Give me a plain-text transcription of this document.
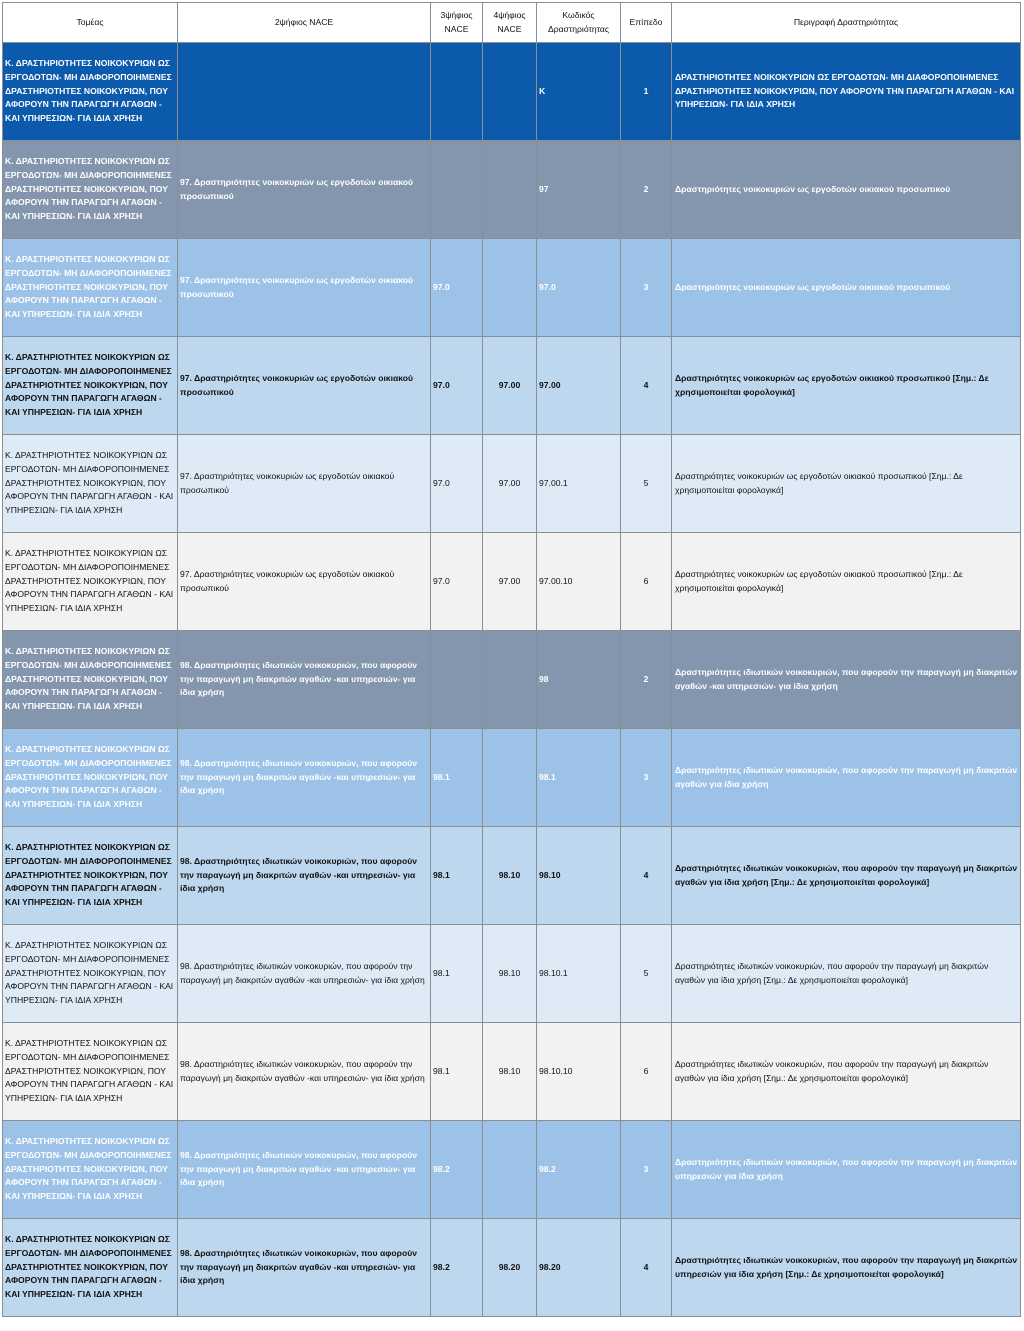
Τομέας	2ψήφιος NACE	3ψήφιος NACE	4ψήφιος NACE	Κωδικός Δραστηριότητας	Επίπεδο	Περιγραφή Δραστηριότητας
Κ. ΔΡΑΣΤΗΡΙΟΤΗΤΕΣ ΝΟΙΚΟΚΥΡΙΩΝ ΩΣ ΕΡΓΟΔΟΤΩΝ- ΜΗ ΔΙΑΦΟΡΟΠΟΙΗΜΕΝΕΣ ΔΡΑΣΤΗΡΙΟΤΗΤΕΣ ΝΟΙΚΟΚΥΡΙΩΝ, ΠΟΥ ΑΦΟΡΟΥΝ ΤΗΝ ΠΑΡΑΓΩΓΗ ΑΓΑΘΩΝ - ΚΑΙ ΥΠΗΡΕΣΙΩΝ- ΓΙΑ ΙΔΙΑ ΧΡΗΣΗ				Κ	1	ΔΡΑΣΤΗΡΙΟΤΗΤΕΣ ΝΟΙΚΟΚΥΡΙΩΝ ΩΣ ΕΡΓΟΔΟΤΩΝ- ΜΗ ΔΙΑΦΟΡΟΠΟΙΗΜΕΝΕΣ ΔΡΑΣΤΗΡΙΟΤΗΤΕΣ ΝΟΙΚΟΚΥΡΙΩΝ, ΠΟΥ ΑΦΟΡΟΥΝ ΤΗΝ ΠΑΡΑΓΩΓΗ ΑΓΑΘΩΝ - ΚΑΙ ΥΠΗΡΕΣΙΩΝ- ΓΙΑ ΙΔΙΑ ΧΡΗΣΗ
Κ. ΔΡΑΣΤΗΡΙΟΤΗΤΕΣ ΝΟΙΚΟΚΥΡΙΩΝ ΩΣ ΕΡΓΟΔΟΤΩΝ- ΜΗ ΔΙΑΦΟΡΟΠΟΙΗΜΕΝΕΣ ΔΡΑΣΤΗΡΙΟΤΗΤΕΣ ΝΟΙΚΟΚΥΡΙΩΝ, ΠΟΥ ΑΦΟΡΟΥΝ ΤΗΝ ΠΑΡΑΓΩΓΗ ΑΓΑΘΩΝ - ΚΑΙ ΥΠΗΡΕΣΙΩΝ- ΓΙΑ ΙΔΙΑ ΧΡΗΣΗ	97. Δραστηριότητες νοικοκυριών ως εργοδοτών οικιακού προσωπικού			97	2	Δραστηριότητες νοικοκυριών ως εργοδοτών οικιακού προσωπικού
Κ. ΔΡΑΣΤΗΡΙΟΤΗΤΕΣ ΝΟΙΚΟΚΥΡΙΩΝ ΩΣ ΕΡΓΟΔΟΤΩΝ- ΜΗ ΔΙΑΦΟΡΟΠΟΙΗΜΕΝΕΣ ΔΡΑΣΤΗΡΙΟΤΗΤΕΣ ΝΟΙΚΟΚΥΡΙΩΝ, ΠΟΥ ΑΦΟΡΟΥΝ ΤΗΝ ΠΑΡΑΓΩΓΗ ΑΓΑΘΩΝ - ΚΑΙ ΥΠΗΡΕΣΙΩΝ- ΓΙΑ ΙΔΙΑ ΧΡΗΣΗ	97. Δραστηριότητες νοικοκυριών ως εργοδοτών οικιακού προσωπικού	97.0		97.0	3	Δραστηριότητες νοικοκυριών ως εργοδοτών οικιακού προσωπικού
Κ. ΔΡΑΣΤΗΡΙΟΤΗΤΕΣ ΝΟΙΚΟΚΥΡΙΩΝ ΩΣ ΕΡΓΟΔΟΤΩΝ- ΜΗ ΔΙΑΦΟΡΟΠΟΙΗΜΕΝΕΣ ΔΡΑΣΤΗΡΙΟΤΗΤΕΣ ΝΟΙΚΟΚΥΡΙΩΝ, ΠΟΥ ΑΦΟΡΟΥΝ ΤΗΝ ΠΑΡΑΓΩΓΗ ΑΓΑΘΩΝ - ΚΑΙ ΥΠΗΡΕΣΙΩΝ- ΓΙΑ ΙΔΙΑ ΧΡΗΣΗ	97. Δραστηριότητες νοικοκυριών ως εργοδοτών οικιακού προσωπικού	97.0	97.00	97.00	4	Δραστηριότητες νοικοκυριών ως εργοδοτών οικιακού προσωπικού [Σημ.: Δε χρησιμοποιείται φορολογικά]
Κ. ΔΡΑΣΤΗΡΙΟΤΗΤΕΣ ΝΟΙΚΟΚΥΡΙΩΝ ΩΣ ΕΡΓΟΔΟΤΩΝ- ΜΗ ΔΙΑΦΟΡΟΠΟΙΗΜΕΝΕΣ ΔΡΑΣΤΗΡΙΟΤΗΤΕΣ ΝΟΙΚΟΚΥΡΙΩΝ, ΠΟΥ ΑΦΟΡΟΥΝ ΤΗΝ ΠΑΡΑΓΩΓΗ ΑΓΑΘΩΝ - ΚΑΙ ΥΠΗΡΕΣΙΩΝ- ΓΙΑ ΙΔΙΑ ΧΡΗΣΗ	97. Δραστηριότητες νοικοκυριών ως εργοδοτών οικιακού προσωπικού	97.0	97.00	97.00.1	5	Δραστηριότητες νοικοκυριών ως εργοδοτών οικιακού προσωπικού [Σημ.: Δε χρησιμοποιείται φορολογικά]
Κ. ΔΡΑΣΤΗΡΙΟΤΗΤΕΣ ΝΟΙΚΟΚΥΡΙΩΝ ΩΣ ΕΡΓΟΔΟΤΩΝ- ΜΗ ΔΙΑΦΟΡΟΠΟΙΗΜΕΝΕΣ ΔΡΑΣΤΗΡΙΟΤΗΤΕΣ ΝΟΙΚΟΚΥΡΙΩΝ, ΠΟΥ ΑΦΟΡΟΥΝ ΤΗΝ ΠΑΡΑΓΩΓΗ ΑΓΑΘΩΝ - ΚΑΙ ΥΠΗΡΕΣΙΩΝ- ΓΙΑ ΙΔΙΑ ΧΡΗΣΗ	97. Δραστηριότητες νοικοκυριών ως εργοδοτών οικιακού προσωπικού	97.0	97.00	97.00.10	6	Δραστηριότητες νοικοκυριών ως εργοδοτών οικιακού προσωπικού [Σημ.: Δε χρησιμοποιείται φορολογικά]
Κ. ΔΡΑΣΤΗΡΙΟΤΗΤΕΣ ΝΟΙΚΟΚΥΡΙΩΝ ΩΣ ΕΡΓΟΔΟΤΩΝ- ΜΗ ΔΙΑΦΟΡΟΠΟΙΗΜΕΝΕΣ ΔΡΑΣΤΗΡΙΟΤΗΤΕΣ ΝΟΙΚΟΚΥΡΙΩΝ, ΠΟΥ ΑΦΟΡΟΥΝ ΤΗΝ ΠΑΡΑΓΩΓΗ ΑΓΑΘΩΝ - ΚΑΙ ΥΠΗΡΕΣΙΩΝ- ΓΙΑ ΙΔΙΑ ΧΡΗΣΗ	98. Δραστηριότητες ιδιωτικών νοικοκυριών, που αφορούν την παραγωγή μη διακριτών αγαθών -και υπηρεσιών- για ίδια χρήση			98	2	Δραστηριότητες ιδιωτικών νοικοκυριών, που αφορούν την παραγωγή μη διακριτών αγαθών -και υπηρεσιών- για ίδια χρήση
Κ. ΔΡΑΣΤΗΡΙΟΤΗΤΕΣ ΝΟΙΚΟΚΥΡΙΩΝ ΩΣ ΕΡΓΟΔΟΤΩΝ- ΜΗ ΔΙΑΦΟΡΟΠΟΙΗΜΕΝΕΣ ΔΡΑΣΤΗΡΙΟΤΗΤΕΣ ΝΟΙΚΟΚΥΡΙΩΝ, ΠΟΥ ΑΦΟΡΟΥΝ ΤΗΝ ΠΑΡΑΓΩΓΗ ΑΓΑΘΩΝ - ΚΑΙ ΥΠΗΡΕΣΙΩΝ- ΓΙΑ ΙΔΙΑ ΧΡΗΣΗ	98. Δραστηριότητες ιδιωτικών νοικοκυριών, που αφορούν την παραγωγή μη διακριτών αγαθών -και υπηρεσιών- για ίδια χρήση	98.1		98.1	3	Δραστηριότητες ιδιωτικών νοικοκυριών, που αφορούν την παραγωγή μη διακριτών αγαθών για ίδια χρήση
Κ. ΔΡΑΣΤΗΡΙΟΤΗΤΕΣ ΝΟΙΚΟΚΥΡΙΩΝ ΩΣ ΕΡΓΟΔΟΤΩΝ- ΜΗ ΔΙΑΦΟΡΟΠΟΙΗΜΕΝΕΣ ΔΡΑΣΤΗΡΙΟΤΗΤΕΣ ΝΟΙΚΟΚΥΡΙΩΝ, ΠΟΥ ΑΦΟΡΟΥΝ ΤΗΝ ΠΑΡΑΓΩΓΗ ΑΓΑΘΩΝ - ΚΑΙ ΥΠΗΡΕΣΙΩΝ- ΓΙΑ ΙΔΙΑ ΧΡΗΣΗ	98. Δραστηριότητες ιδιωτικών νοικοκυριών, που αφορούν την παραγωγή μη διακριτών αγαθών -και υπηρεσιών- για ίδια χρήση	98.1	98.10	98.10	4	Δραστηριότητες ιδιωτικών νοικοκυριών, που αφορούν την παραγωγή μη διακριτών αγαθών για ίδια χρήση [Σημ.: Δε χρησιμοποιείται φορολογικά]
Κ. ΔΡΑΣΤΗΡΙΟΤΗΤΕΣ ΝΟΙΚΟΚΥΡΙΩΝ ΩΣ ΕΡΓΟΔΟΤΩΝ- ΜΗ ΔΙΑΦΟΡΟΠΟΙΗΜΕΝΕΣ ΔΡΑΣΤΗΡΙΟΤΗΤΕΣ ΝΟΙΚΟΚΥΡΙΩΝ, ΠΟΥ ΑΦΟΡΟΥΝ ΤΗΝ ΠΑΡΑΓΩΓΗ ΑΓΑΘΩΝ - ΚΑΙ ΥΠΗΡΕΣΙΩΝ- ΓΙΑ ΙΔΙΑ ΧΡΗΣΗ	98. Δραστηριότητες ιδιωτικών νοικοκυριών, που αφορούν την παραγωγή μη διακριτών αγαθών -και υπηρεσιών- για ίδια χρήση	98.1	98.10	98.10.1	5	Δραστηριότητες ιδιωτικών νοικοκυριών, που αφορούν την παραγωγή μη διακριτών αγαθών για ίδια χρήση [Σημ.: Δε χρησιμοποιείται φορολογικά]
Κ. ΔΡΑΣΤΗΡΙΟΤΗΤΕΣ ΝΟΙΚΟΚΥΡΙΩΝ ΩΣ ΕΡΓΟΔΟΤΩΝ- ΜΗ ΔΙΑΦΟΡΟΠΟΙΗΜΕΝΕΣ ΔΡΑΣΤΗΡΙΟΤΗΤΕΣ ΝΟΙΚΟΚΥΡΙΩΝ, ΠΟΥ ΑΦΟΡΟΥΝ ΤΗΝ ΠΑΡΑΓΩΓΗ ΑΓΑΘΩΝ - ΚΑΙ ΥΠΗΡΕΣΙΩΝ- ΓΙΑ ΙΔΙΑ ΧΡΗΣΗ	98. Δραστηριότητες ιδιωτικών νοικοκυριών, που αφορούν την παραγωγή μη διακριτών αγαθών -και υπηρεσιών- για ίδια χρήση	98.1	98.10	98.10.10	6	Δραστηριότητες ιδιωτικών νοικοκυριών, που αφορούν την παραγωγή μη διακριτών αγαθών για ίδια χρήση [Σημ.: Δε χρησιμοποιείται φορολογικά]
Κ. ΔΡΑΣΤΗΡΙΟΤΗΤΕΣ ΝΟΙΚΟΚΥΡΙΩΝ ΩΣ ΕΡΓΟΔΟΤΩΝ- ΜΗ ΔΙΑΦΟΡΟΠΟΙΗΜΕΝΕΣ ΔΡΑΣΤΗΡΙΟΤΗΤΕΣ ΝΟΙΚΟΚΥΡΙΩΝ, ΠΟΥ ΑΦΟΡΟΥΝ ΤΗΝ ΠΑΡΑΓΩΓΗ ΑΓΑΘΩΝ - ΚΑΙ ΥΠΗΡΕΣΙΩΝ- ΓΙΑ ΙΔΙΑ ΧΡΗΣΗ	98. Δραστηριότητες ιδιωτικών νοικοκυριών, που αφορούν την παραγωγή μη διακριτών αγαθών -και υπηρεσιών- για ίδια χρήση	98.2		98.2	3	Δραστηριότητες ιδιωτικών νοικοκυριών, που αφορούν την παραγωγή μη διακριτών υπηρεσιών για ίδια χρήση
Κ. ΔΡΑΣΤΗΡΙΟΤΗΤΕΣ ΝΟΙΚΟΚΥΡΙΩΝ ΩΣ ΕΡΓΟΔΟΤΩΝ- ΜΗ ΔΙΑΦΟΡΟΠΟΙΗΜΕΝΕΣ ΔΡΑΣΤΗΡΙΟΤΗΤΕΣ ΝΟΙΚΟΚΥΡΙΩΝ, ΠΟΥ ΑΦΟΡΟΥΝ ΤΗΝ ΠΑΡΑΓΩΓΗ ΑΓΑΘΩΝ - ΚΑΙ ΥΠΗΡΕΣΙΩΝ- ΓΙΑ ΙΔΙΑ ΧΡΗΣΗ	98. Δραστηριότητες ιδιωτικών νοικοκυριών, που αφορούν την παραγωγή μη διακριτών αγαθών -και υπηρεσιών- για ίδια χρήση	98.2	98.20	98.20	4	Δραστηριότητες ιδιωτικών νοικοκυριών, που αφορούν την παραγωγή μη διακριτών υπηρεσιών για ίδια χρήση [Σημ.: Δε χρησιμοποιείται φορολογικά]
